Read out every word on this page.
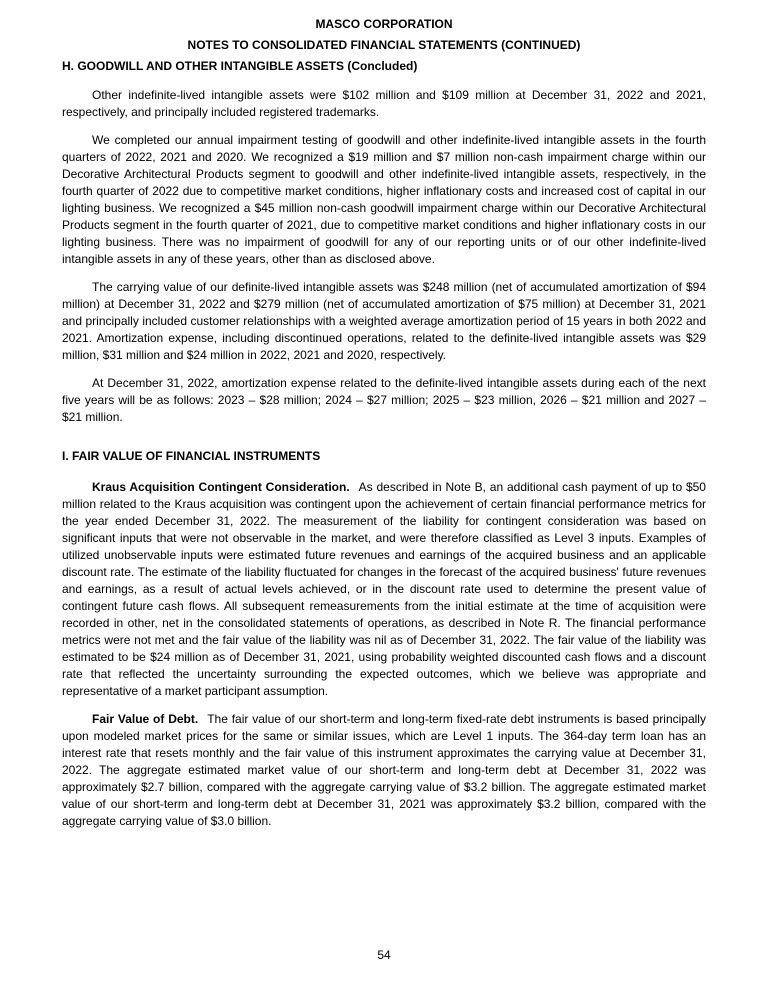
MASCO CORPORATION
NOTES TO CONSOLIDATED FINANCIAL STATEMENTS (CONTINUED)
H. GOODWILL AND OTHER INTANGIBLE ASSETS (Concluded)

Other indefinite-lived intangible assets were $102 million and $109 million at December 31, 2022 and 2021, respectively, and principally included registered trademarks.

We completed our annual impairment testing of goodwill and other indefinite-lived intangible assets in the fourth quarters of 2022, 2021 and 2020. We recognized a $19 million and $7 million non-cash impairment charge within our Decorative Architectural Products segment to goodwill and other indefinite-lived intangible assets, respectively, in the fourth quarter of 2022 due to competitive market conditions, higher inflationary costs and increased cost of capital in our lighting business. We recognized a $45 million non-cash goodwill impairment charge within our Decorative Architectural Products segment in the fourth quarter of 2021, due to competitive market conditions and higher inflationary costs in our lighting business. There was no impairment of goodwill for any of our reporting units or of our other indefinite-lived intangible assets in any of these years, other than as disclosed above.

The carrying value of our definite-lived intangible assets was $248 million (net of accumulated amortization of $94 million) at December 31, 2022 and $279 million (net of accumulated amortization of $75 million) at December 31, 2021 and principally included customer relationships with a weighted average amortization period of 15 years in both 2022 and 2021. Amortization expense, including discontinued operations, related to the definite-lived intangible assets was $29 million, $31 million and $24 million in 2022, 2021 and 2020, respectively.

At December 31, 2022, amortization expense related to the definite-lived intangible assets during each of the next five years will be as follows: 2023 – $28 million; 2024 – $27 million; 2025 – $23 million, 2026 – $21 million and 2027 – $21 million.

I. FAIR VALUE OF FINANCIAL INSTRUMENTS

Kraus Acquisition Contingent Consideration. As described in Note B, an additional cash payment of up to $50 million related to the Kraus acquisition was contingent upon the achievement of certain financial performance metrics for the year ended December 31, 2022. The measurement of the liability for contingent consideration was based on significant inputs that were not observable in the market, and were therefore classified as Level 3 inputs. Examples of utilized unobservable inputs were estimated future revenues and earnings of the acquired business and an applicable discount rate. The estimate of the liability fluctuated for changes in the forecast of the acquired business' future revenues and earnings, as a result of actual levels achieved, or in the discount rate used to determine the present value of contingent future cash flows. All subsequent remeasurements from the initial estimate at the time of acquisition were recorded in other, net in the consolidated statements of operations, as described in Note R. The financial performance metrics were not met and the fair value of the liability was nil as of December 31, 2022. The fair value of the liability was estimated to be $24 million as of December 31, 2021, using probability weighted discounted cash flows and a discount rate that reflected the uncertainty surrounding the expected outcomes, which we believe was appropriate and representative of a market participant assumption.

Fair Value of Debt. The fair value of our short-term and long-term fixed-rate debt instruments is based principally upon modeled market prices for the same or similar issues, which are Level 1 inputs. The 364-day term loan has an interest rate that resets monthly and the fair value of this instrument approximates the carrying value at December 31, 2022. The aggregate estimated market value of our short-term and long-term debt at December 31, 2022 was approximately $2.7 billion, compared with the aggregate carrying value of $3.2 billion. The aggregate estimated market value of our short-term and long-term debt at December 31, 2021 was approximately $3.2 billion, compared with the aggregate carrying value of $3.0 billion.

54
